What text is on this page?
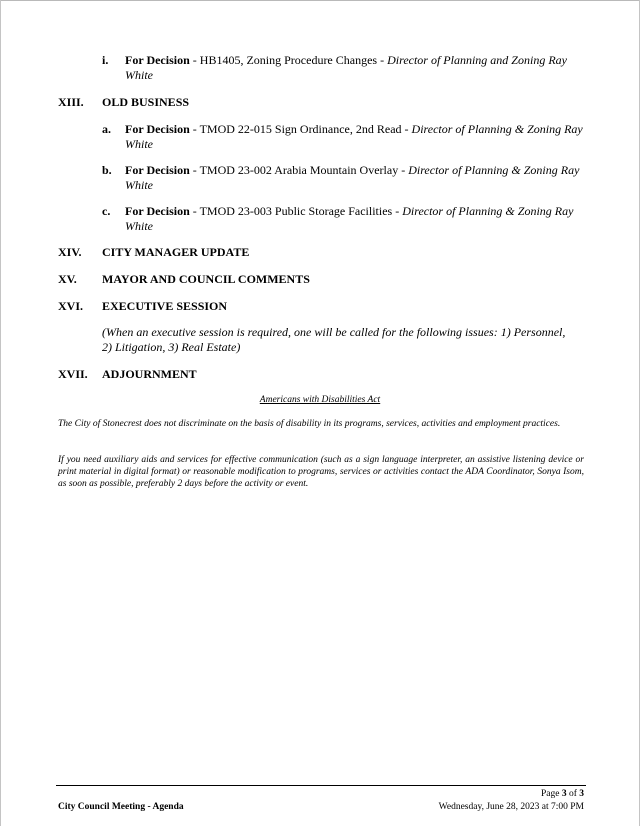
i. For Decision - HB1405, Zoning Procedure Changes - Director of Planning and Zoning Ray White
XIII. OLD BUSINESS
a. For Decision - TMOD 22-015 Sign Ordinance, 2nd Read - Director of Planning & Zoning Ray White
b. For Decision - TMOD 23-002 Arabia Mountain Overlay - Director of Planning & Zoning Ray White
c. For Decision - TMOD 23-003 Public Storage Facilities - Director of Planning & Zoning Ray White
XIV. CITY MANAGER UPDATE
XV. MAYOR AND COUNCIL COMMENTS
XVI. EXECUTIVE SESSION
(When an executive session is required, one will be called for the following issues: 1) Personnel, 2) Litigation, 3) Real Estate)
XVII. ADJOURNMENT
Americans with Disabilities Act
The City of Stonecrest does not discriminate on the basis of disability in its programs, services, activities and employment practices.
If you need auxiliary aids and services for effective communication (such as a sign language interpreter, an assistive listening device or print material in digital format) or reasonable modification to programs, services or activities contact the ADA Coordinator, Sonya Isom, as soon as possible, preferably 2 days before the activity or event.
Page 3 of 3
City Council Meeting - Agenda	Wednesday, June 28, 2023 at 7:00 PM
